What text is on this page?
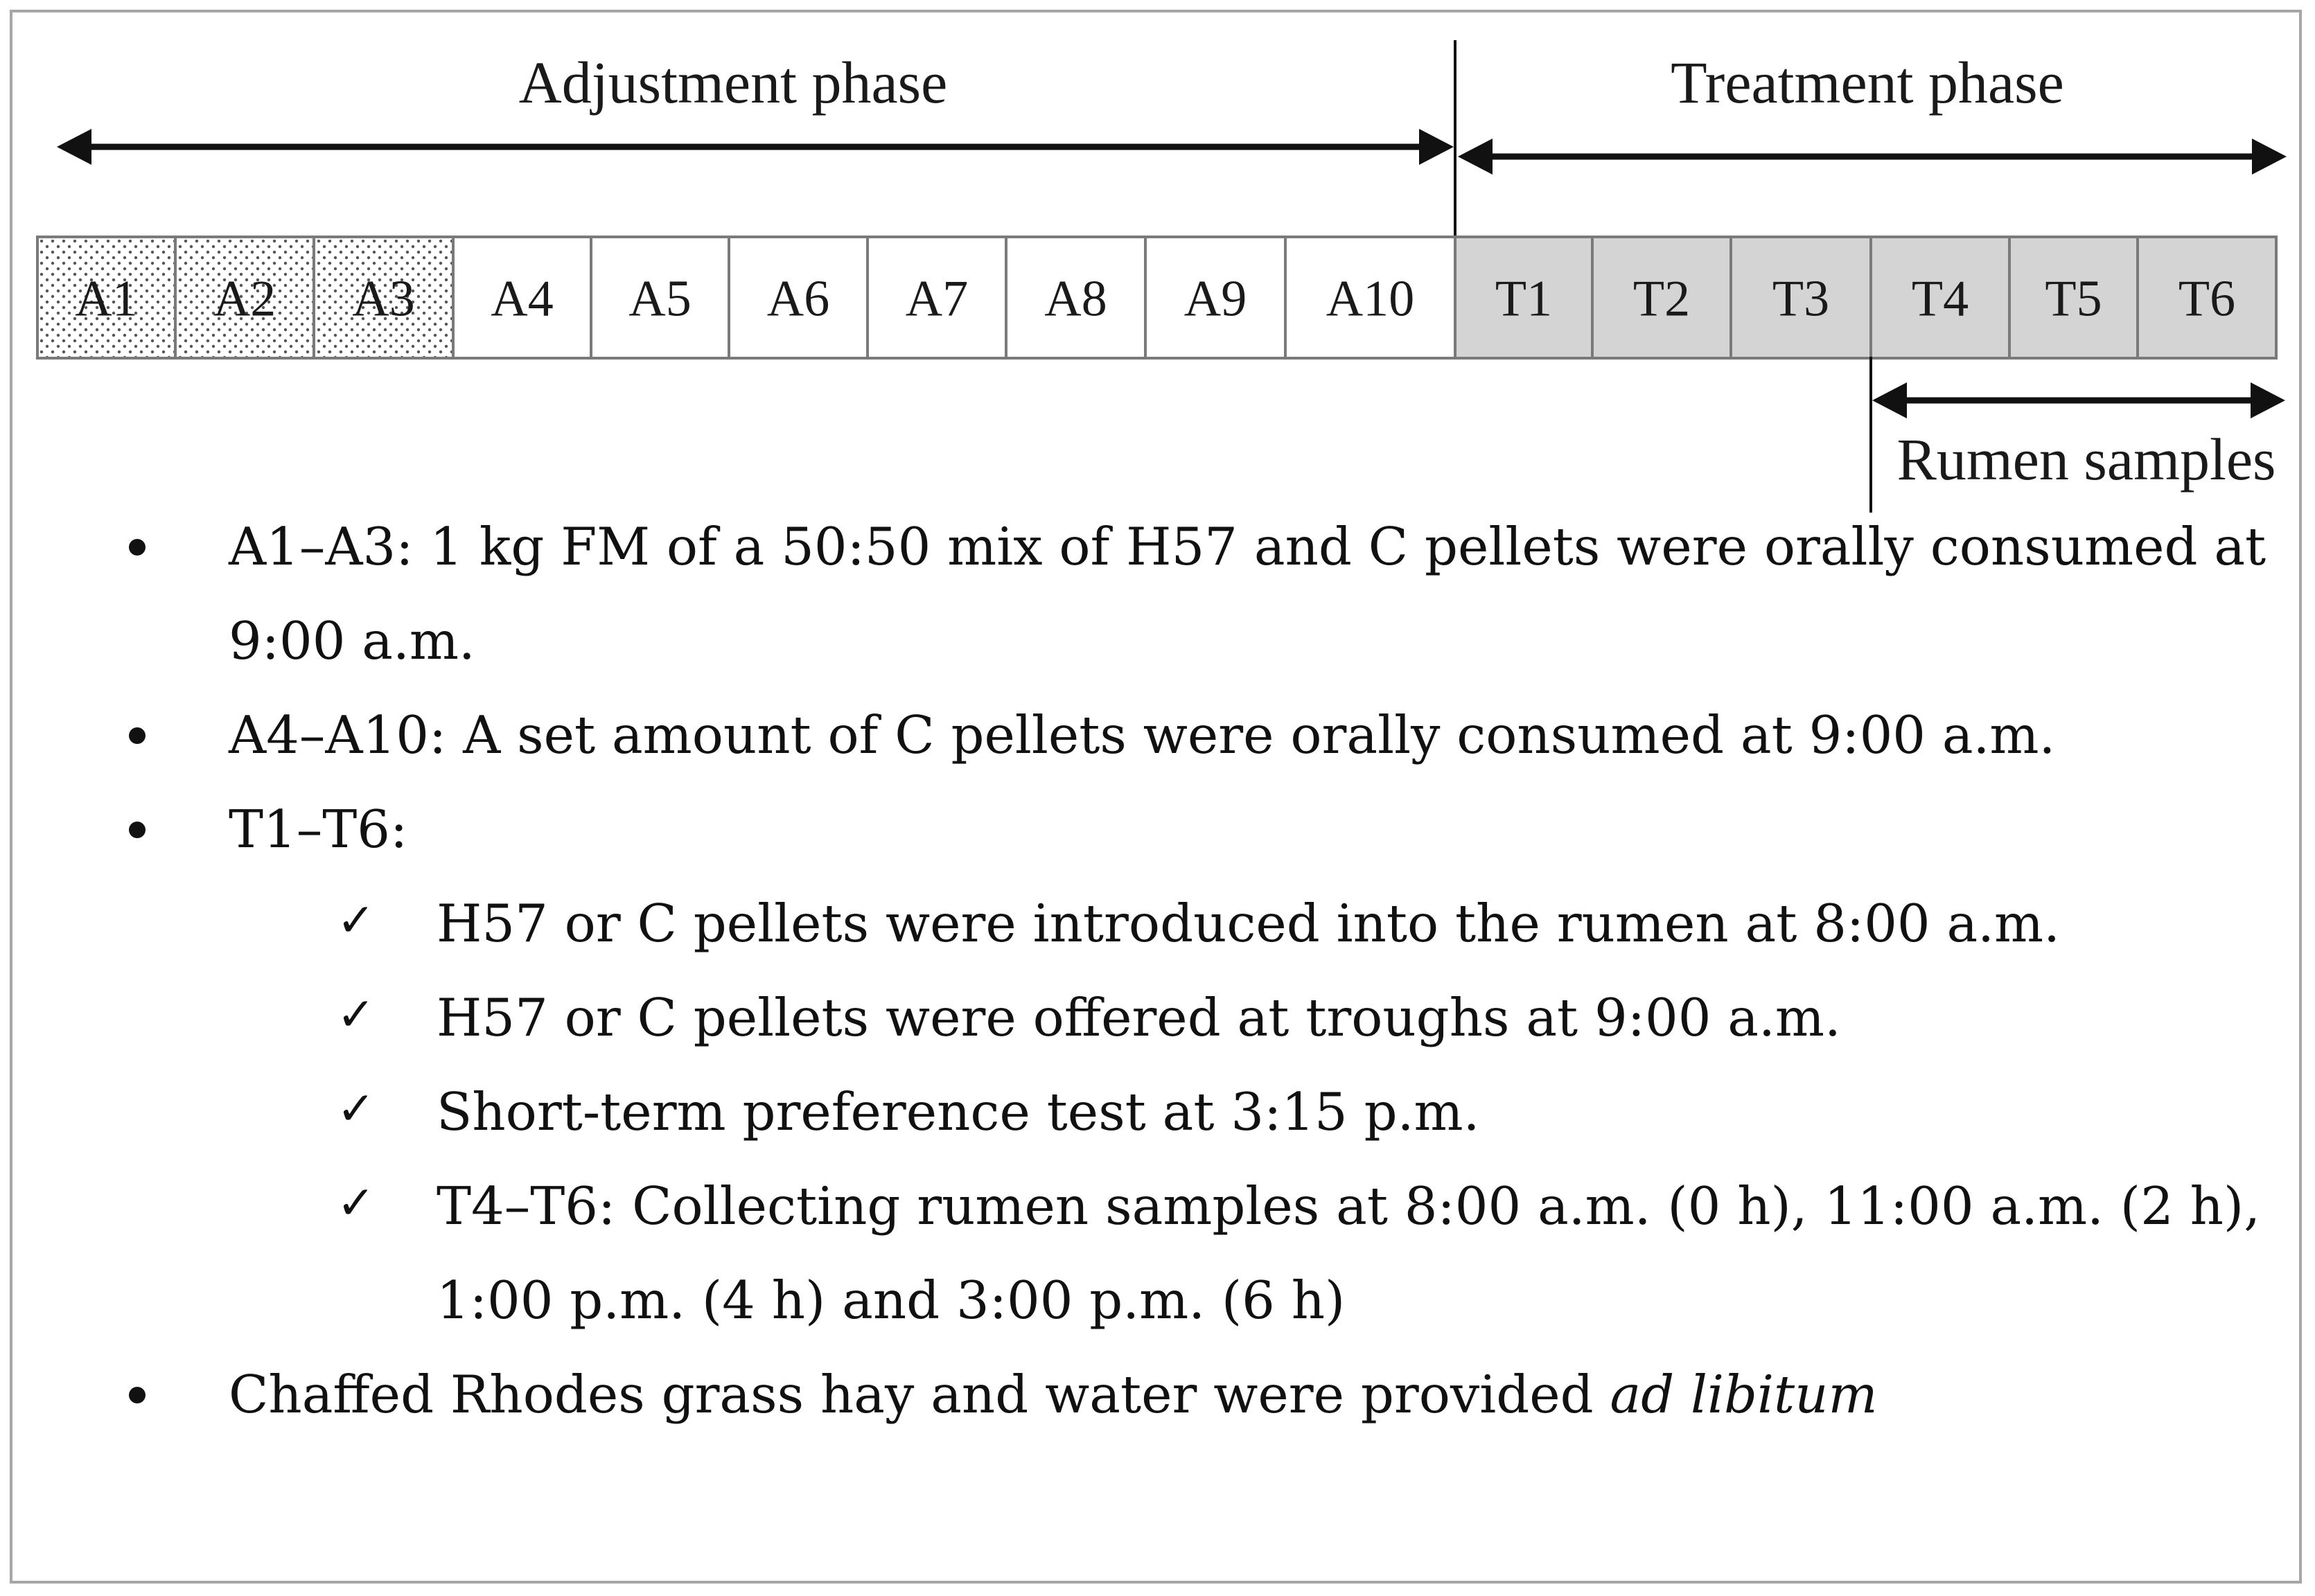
Adjustment phase	Treatment phase
A1 A2 A3 A4 A5 A6 A7 A8 A9 A10 T1 T2 T3 T4 T5 T6
Rumen samples
A1–A3: 1 kg FM of a 50:50 mix of H57 and C pellets were orally consumed at
9:00 a.m.
A4–A10: A set amount of C pellets were orally consumed at 9:00 a.m.
T1–T6:
✓ H57 or C pellets were introduced into the rumen at 8:00 a.m.
✓ H57 or C pellets were offered at troughs at 9:00 a.m.
✓ Short-term preference test at 3:15 p.m.
✓ T4–T6: Collecting rumen samples at 8:00 a.m. (0 h), 11:00 a.m. (2 h),
1:00 p.m. (4 h) and 3:00 p.m. (6 h)
Chaffed Rhodes grass hay and water were provided ad libitum
